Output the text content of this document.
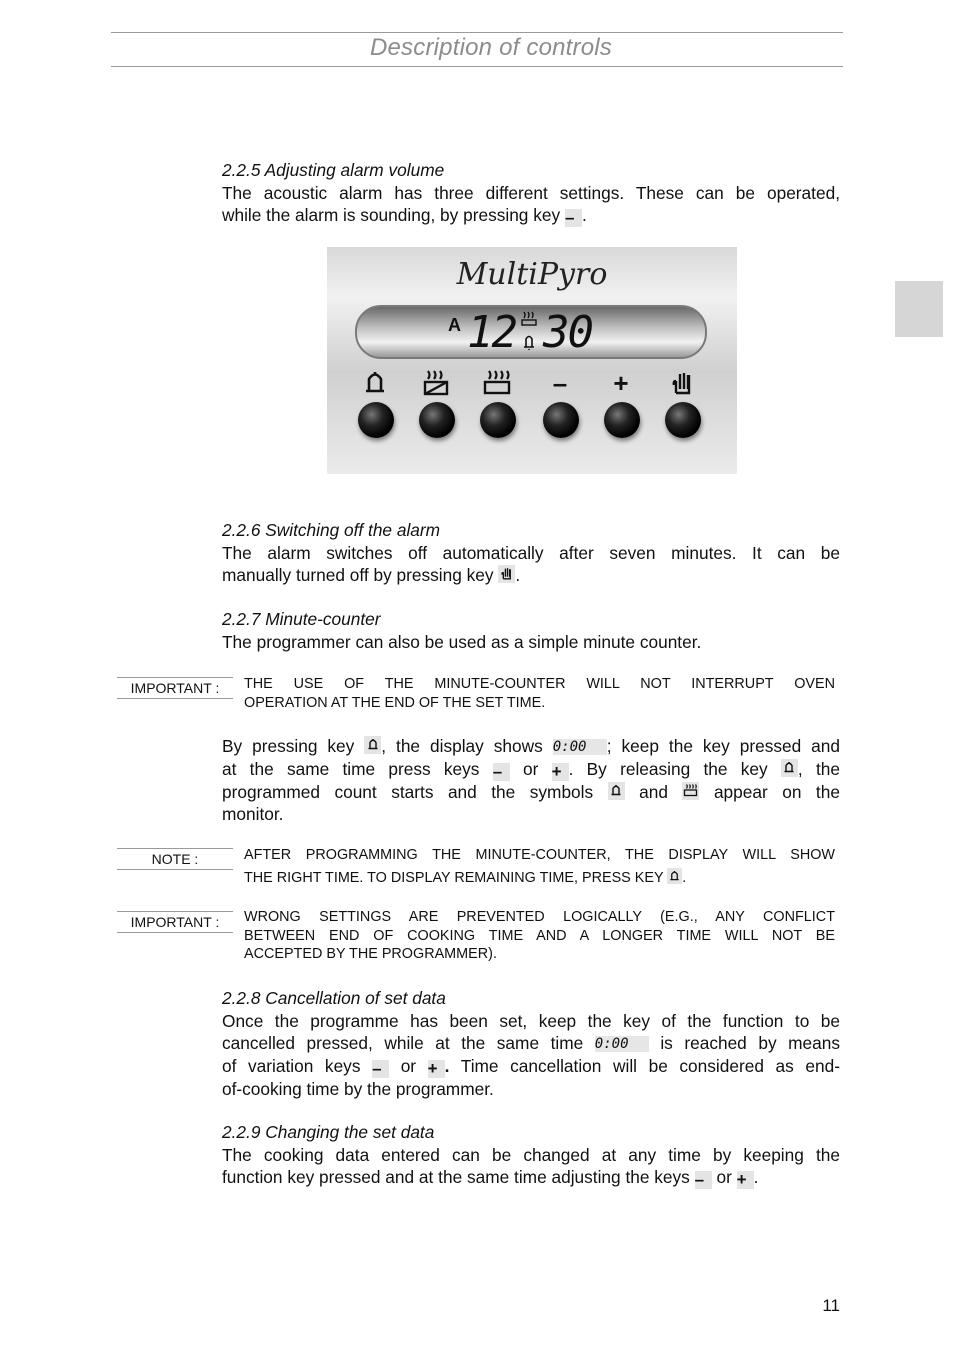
Description of controls
2.2.5 Adjusting alarm volume
The acoustic alarm has three different settings. These can be operated,
while the alarm is sounding, by pressing key – .
MultiPyro
A 12 30
–	+
2.2.6 Switching off the alarm
The alarm switches off automatically after seven minutes. It can be
manually turned off by pressing key .
2.2.7 Minute-counter
The programmer can also be used as a simple minute counter.
IMPORTANT :	THE USE OF THE MINUTE-COUNTER WILL NOT INTERRUPT OVEN
OPERATION AT THE END OF THE SET TIME.
By pressing key , the display shows 0:00 ; keep the key pressed and
at the same time press keys – or + . By releasing the key , the
programmed count starts and the symbols	and	appear on the
monitor.
NOTE :	AFTER PROGRAMMING THE MINUTE-COUNTER, THE DISPLAY WILL SHOW
THE RIGHT TIME. TO DISPLAY REMAINING TIME, PRESS KEY .
IMPORTANT :	WRONG SETTINGS ARE PREVENTED LOGICALLY (E.G., ANY CONFLICT
BETWEEN END OF COOKING TIME AND A LONGER TIME WILL NOT BE
ACCEPTED BY THE PROGRAMMER).
2.2.8 Cancellation of set data
Once the programme has been set, keep the key of the function to be
cancelled pressed, while at the same time 0:00 is reached by means
of variation keys – or + . Time cancellation will be considered as end-
of-cooking time by the programmer.
2.2.9 Changing the set data
The cooking data entered can be changed at any time by keeping the
function key pressed and at the same time adjusting the keys – or + .
11
